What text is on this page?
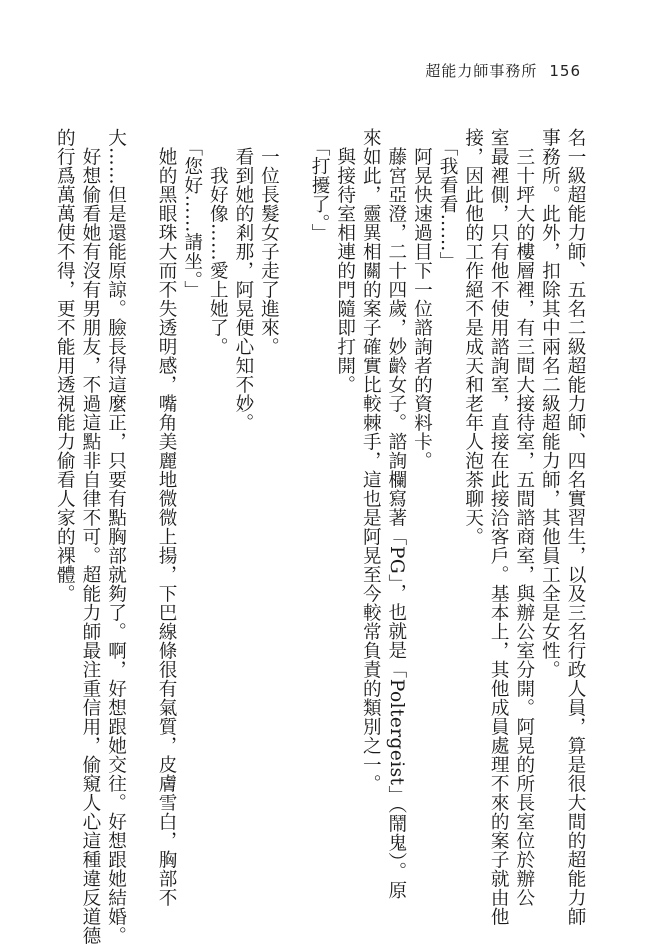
超能力師事務所 156

名一級超能力師、五名二級超能力師、四名實習生，以及三名行政人員，算是很大間的超能力師

事務所。此外，扣除其中兩名二級超能力師，其他員工全是女性。

　三十坪大的樓層裡，有三間大接待室，五間諮商室，與辦公室分開。阿晃的所長室位於辦公

室最裡側，只有他不使用諮詢室，直接在此接洽客戶。基本上，其他成員處理不來的案子就由他

接，因此他的工作絕不是成天和老年人泡茶聊天。

　「我看看……」

　阿晃快速過目下一位諮詢者的資料卡。

　藤宮亞澄，二十四歲，妙齡女子。諮詢欄寫著「PG」，也就是「Poltergeist」（鬧鬼）。原

來如此，靈異相關的案子確實比較棘手，這也是阿晃至今較常負責的類別之一。

　與接待室相連的門隨即打開。

　「打擾了。」

　一位長髮女子走了進來。

　看到她的剎那，阿晃便心知不妙。

　　我好像……愛上她了。

　「您好……請坐。」

　她的黑眼珠大而不失透明感，嘴角美麗地微微上揚，下巴線條很有氣質，皮膚雪白，胸部不

大……但是還能原諒。臉長得這麼正，只要有點胸部就夠了。啊，好想跟她交往。好想跟她結婚。

　好想偷看她有沒有男朋友，不過這點非自律不可。超能力師最注重信用，偷窺人心這種違反道德

的行爲萬萬使不得，更不能用透視能力偷看人家的裸體。
